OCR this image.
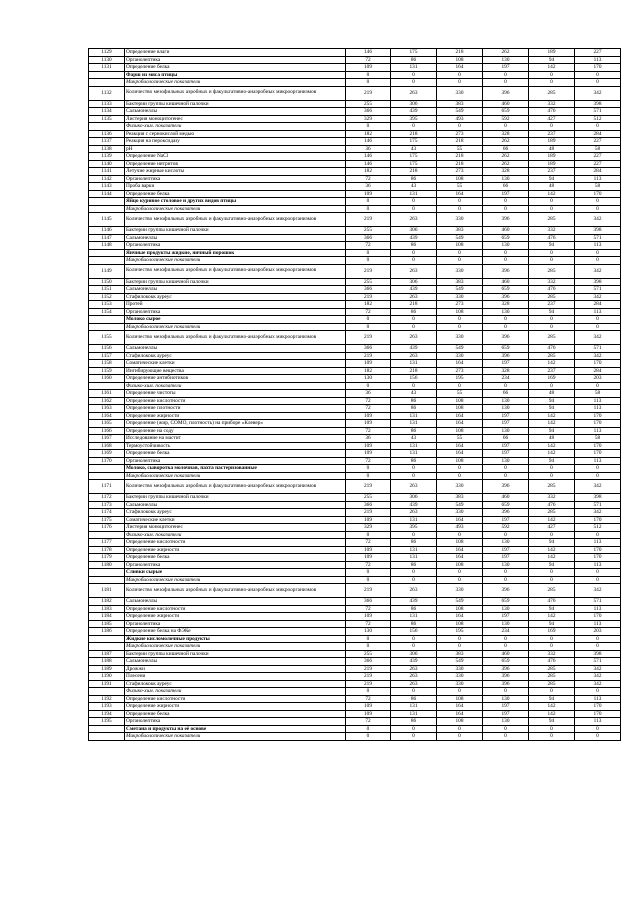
1129	Определение влаги	146	175	218	262	189	227
1130	Органолептика	72	86	108	130	94	113
1131	Определение белка	109	131	164	197	142	170
	Фарш из мяса птицы	0	0	0	0	0	0
	Микробиологические показатели	0	0	0	0	0	0
1132	Количество мезофильных аэробных и факультативно-анаэробных микроорганизмов	219	263	330	396	285	342
1133	Бактерии группы кишечной палочки	255	306	383	460	332	398
1134	Сальмонеллы	366	439	549	659	476	571
1135	Листерия моноцитогенес	329	395	493	592	427	512
	Физико-хим. показатели	0	0	0	0	0	0
1136	Реакция с сернокислой медью	182	218	273	328	237	284
1137	Реакция на пероксидазу	146	175	218	262	189	227
1138	pH	36	43	55	66	48	58
1139	Определение NaCl	146	175	218	262	189	227
1140	Определение нитритов	146	175	218	262	189	227
1141	Летучие жирные кислоты	182	218	273	328	237	284
1142	Органолептика	72	86	108	130	94	113
1143	Проба варки	36	43	55	66	48	58
1144	Определение белка	109	131	164	197	142	170
	Яйцо куриное столовое и других видов птицы	0	0	0	0	0	0
	Микробиологические показатели	0	0	0	0	0	0
1145	Количество мезофильных аэробных и факультативно-анаэробных микроорганизмов	219	263	330	396	285	342
1146	Бактерии группы кишечной палочки	255	306	383	460	332	398
1147	Сальмонеллы	366	439	549	659	476	571
1148	Органолептика	72	86	108	130	94	113
	Яичные продукты жидкие, яичный порошок	0	0	0	0	0	0
	Микробиологические показатели	0	0	0	0	0	0
1149	Количество мезофильных аэробных и факультативно-анаэробных микроорганизмов	219	263	330	396	285	342
1150	Бактерии группы кишечной палочки	255	306	383	460	332	398
1151	Сальмонеллы	366	439	549	659	476	571
1152	Стафилококк ауреус	219	263	330	396	285	342
1153	Протей	182	218	273	328	237	284
1154	Органолептика	72	86	108	130	94	113
	Молоко сырое	0	0	0	0	0	0
	Микробиологические показатели	0	0	0	0	0	0
1155	Количество мезофильных аэробных и факультативно-анаэробных микроорганизмов	219	263	330	396	285	342
1156	Сальмонеллы	366	439	549	659	476	571
1157	Стафилококк ауреус	219	263	330	396	285	342
1158	Соматические клетки	109	131	164	197	142	170
1159	Ингибирующие вещества	182	218	273	328	237	284
1160	Определение антибиотиков	130	156	195	234	169	203
	Физико-хим. показатели	0	0	0	0	0	0
1161	Определение чистоты	36	43	55	66	48	58
1162	Определение кислотности	72	86	108	130	94	113
1163	Определение плотности	72	86	108	130	94	113
1164	Определение жирности	109	131	164	197	142	170
1165	Определение (жир, СОМО, плотность) на приборе «Клевер»	109	131	164	197	142	170
1166	Определение на соду	72	86	108	130	94	113
1167	Исследование на мастит	36	43	55	66	48	58
1168	Термоустойчивость	109	131	164	197	142	170
1169	Определение белка	109	131	164	197	142	170
1170	Органолептика	72	86	108	130	94	113
	Молоко, сыворотка молочная, пахта пастеризованные	0	0	0	0	0	0
	Микробиологические показатели	0	0	0	0	0	0
1171	Количество мезофильных аэробных и факультативно-анаэробных микроорганизмов	219	263	330	396	285	342
1172	Бактерии группы кишечной палочки	255	306	383	460	332	398
1173	Сальмонеллы	366	439	549	659	476	571
1174	Стафилококк ауреус	219	263	330	396	285	342
1175	Соматические клетки	109	131	164	197	142	170
1176	Листерия моноцитогенес	329	395	493	592	427	512
	Физико-хим. показатели	0	0	0	0	0	0
1177	Определение кислотности	72	86	108	130	94	113
1178	Определение жирности	109	131	164	197	142	170
1179	Определение белка	109	131	164	197	142	170
1180	Органолептика	72	86	108	130	94	113
	Сливки сырые	0	0	0	0	0	0
	Микробиологические показатели	0	0	0	0	0	0
1181	Количество мезофильных аэробных и факультативно-анаэробных микроорганизмов	219	263	330	396	285	342
1182	Сальмонеллы	366	439	549	659	476	571
1183	Определение кислотности	72	86	108	130	94	113
1184	Определение жирности	109	131	164	197	142	170
1185	Органолептика	72	86	108	130	94	113
1186	Определение белка на ФЭКе	130	156	195	234	169	203
	Жидкие кисломолочные продукты	0	0	0	0	0	0
	Микробиологические показатели	0	0	0	0	0	0
1187	Бактерии группы кишечной палочки	255	306	383	460	332	398
1188	Сальмонеллы	366	439	549	659	476	571
1189	Дрожжи	219	263	330	396	285	342
1190	Плесени	219	263	330	396	285	342
1191	Стафилококк ауреус	219	263	330	396	285	342
	Физико-хим. показатели	0	0	0	0	0	0
1192	Определение кислотности	72	86	108	130	94	113
1193	Определение жирности	109	131	164	197	142	170
1194	Определение белка	109	131	164	197	142	170
1195	Органолептика	72	86	108	130	94	113
	Сметана и продукты на её основе	0	0	0	0	0	0
	Микробиологические показатели	0	0	0	0	0	0
